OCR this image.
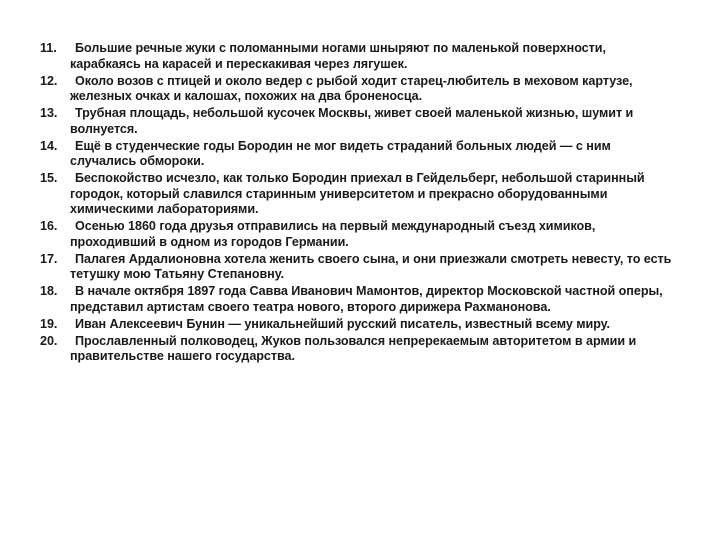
11.	Большие речные жуки с поломанными ногами шныряют по маленькой поверхности, карабкаясь на карасей и перескакивая через лягушек.
12.	Около возов с птицей и около ведер с рыбой ходит старец-любитель в меховом картузе, железных очках и калошах, похожих на два броненосца.
13.	Трубная площадь, небольшой кусочек Москвы, живет своей маленькой жизнью, шумит и волнуется.
14.	Ещё в студенческие годы Бородин не мог видеть страданий больных людей — с ним случались обмороки.
15.	Беспокойство исчезло, как только Бородин приехал в Гейдельберг, небольшой старинный городок, который славился старинным университетом и прекрасно оборудованными химическими лабораториями.
16.	Осенью 1860 года друзья отправились на первый международный съезд химиков, проходивший в одном из городов Германии.
17.	Палагея Ардалионовна хотела женить своего сына, и они приезжали смотреть невесту, то есть тетушку мою Татьяну Степановну.
18.	В начале октября 1897 года Савва Иванович Мамонтов, директор Московской частной оперы, представил артистам своего театра нового, второго дирижера Рахманонова.
19.	Иван Алексеевич Бунин — уникальнейший русский писатель, известный всему миру.
20.	Прославленный полководец, Жуков пользовался непререкаемым авторитетом в армии и правительстве нашего государства.
